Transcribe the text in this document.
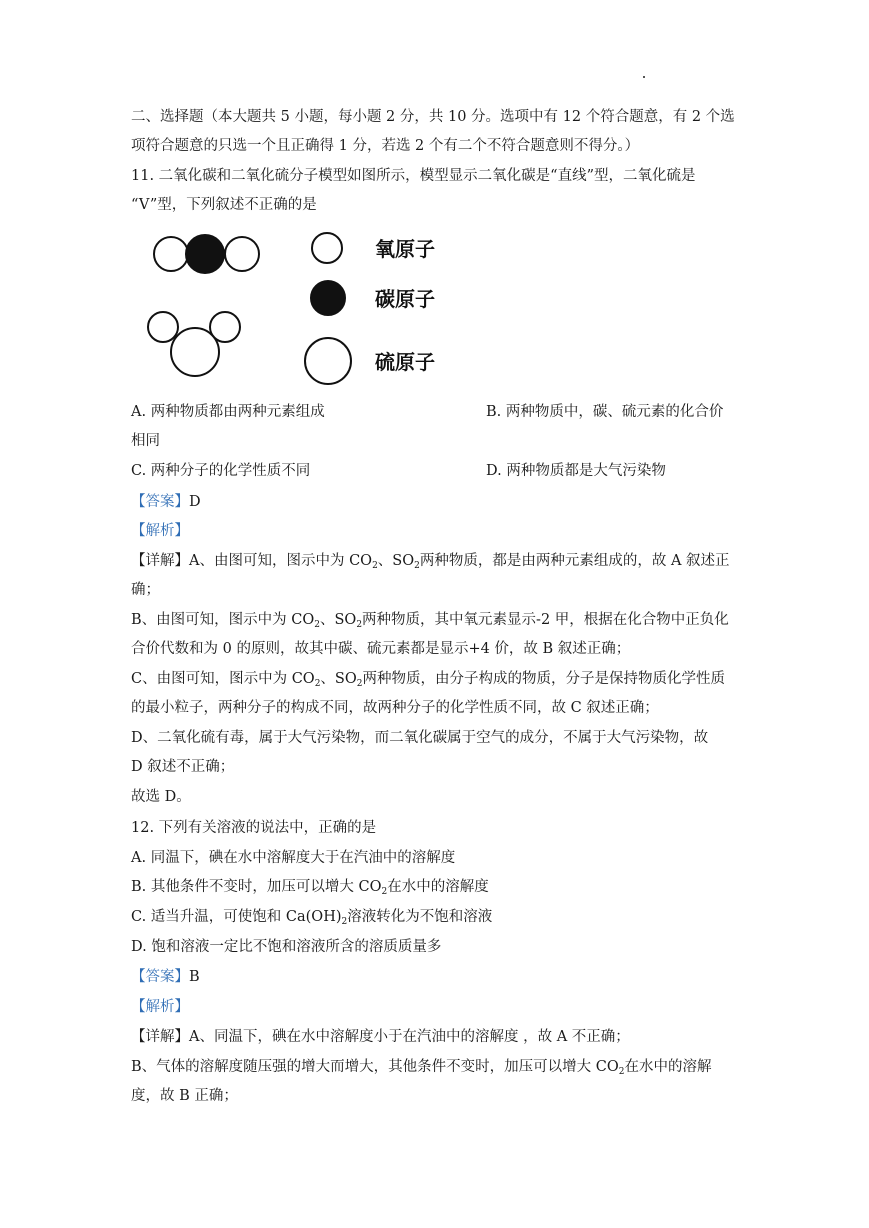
二、选择题（本大题共 5 小题，每小题 2 分，共 10 分。选项中有 12 个符合题意，有 2 个选
项符合题意的只选一个且正确得 1 分，若选 2 个有二个不符合题意则不得分。）
11. 二氧化碳和二氧化硫分子模型如图所示，模型显示二氧化碳是“直线”型，二氧化硫是
“V”型，下列叙述不正确的是
氧原子
碳原子
硫原子
A. 两种物质都由两种元素组成	B. 两种物质中，碳、硫元素的化合价
相同
C. 两种分子的化学性质不同	D. 两种物质都是大气污染物
【答案】D
【解析】
【详解】A、由图可知，图示中为 $CO_2$、$SO_2$两种物质，都是由两种元素组成的，故 A 叙述正
确；
B、由图可知，图示中为 $CO_2$、$SO_2$两种物质，其中氧元素显示-2 甲，根据在化合物中正负化
合价代数和为 0 的原则，故其中碳、硫元素都是显示+4 价，故 B 叙述正确；
C、由图可知，图示中为 $CO_2$、$SO_2$两种物质，由分子构成的物质，分子是保持物质化学性质
的最小粒子，两种分子的构成不同，故两种分子的化学性质不同，故 C 叙述正确；
D、二氧化硫有毒，属于大气污染物，而二氧化碳属于空气的成分，不属于大气污染物，故
D 叙述不正确；
故选 D。
12. 下列有关溶液的说法中，正确的是
A. 同温下，碘在水中溶解度大于在汽油中的溶解度
B. 其他条件不变时，加压可以增大 $CO_2$在水中的溶解度
C. 适当升温，可使饱和 $Ca(OH)_2$溶液转化为不饱和溶液
D. 饱和溶液一定比不饱和溶液所含的溶质质量多
【答案】B
【解析】
【详解】A、同温下，碘在水中溶解度小于在汽油中的溶解度 ，故 A 不正确；
B、气体的溶解度随压强的增大而增大，其他条件不变时，加压可以增大 $CO_2$在水中的溶解
度，故 B 正确；
